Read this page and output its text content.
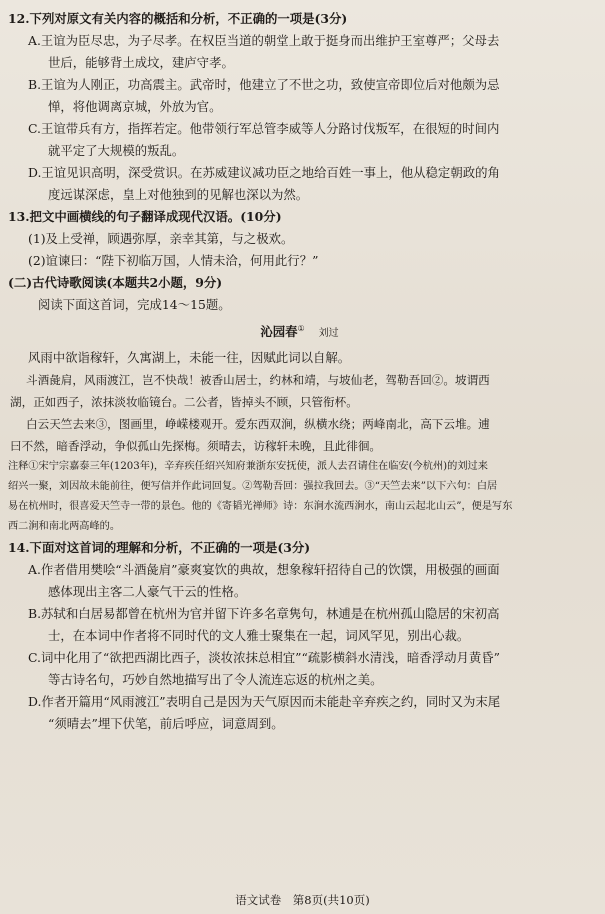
12.下列对原文有关内容的概括和分析，不正确的一项是(3分)
A.王谊为臣尽忠，为子尽孝。在权臣当道的朝堂上敢于挺身而出维护王室尊严；父母去
世后，能够背土成坟，建庐守孝。
B.王谊为人刚正，功高震主。武帝时，他建立了不世之功，致使宣帝即位后对他颇为忌
惮，将他调离京城，外放为官。
C.王谊带兵有方，指挥若定。他带领行军总管李威等人分路讨伐叛军，在很短的时间内
就平定了大规模的叛乱。
D.王谊见识高明，深受赏识。在苏威建议减功臣之地给百姓一事上，他从稳定朝政的角
度远谋深虑，皇上对他独到的见解也深以为然。
13.把文中画横线的句子翻译成现代汉语。(10分)
(1)及上受禅，顾遇弥厚，亲幸其第，与之极欢。
(2)谊谏曰：“陛下初临万国，人情未洽，何用此行？”
(二)古代诗歌阅读(本题共2小题，9分)
阅读下面这首词，完成14～15题。
沁园春① 刘过
风雨中欲诣稼轩，久寓湖上，未能一往，因赋此词以自解。
斗酒彘肩，风雨渡江，岂不快哉！被香山居士，约林和靖，与坡仙老，驾勒吾回②。坡谓西
湖，正如西子，浓抹淡妆临镜台。二公者，皆掉头不顾，只管衔杯。
白云天竺去来③，图画里，峥嵘楼观开。爱东西双涧，纵横水绕；两峰南北，高下云堆。逋
曰不然，暗香浮动，争似孤山先探梅。须晴去，访稼轩未晚，且此徘徊。
注释①宋宁宗嘉泰三年(1203年)，辛弃疾任绍兴知府兼浙东安抚使，派人去召请住在临安(今杭州)的刘过来
绍兴一聚，刘因故未能前往，便写信并作此词回复。②驾勒吾回：强拉我回去。③“天竺去来”以下六句：白居
易在杭州时，很喜爱天竺寺一带的景色。他的《寄韬光禅师》诗：东涧水流西涧水，南山云起北山云”，便是写东
西二涧和南北两高峰的。
14.下面对这首词的理解和分析，不正确的一项是(3分)
A.作者借用樊哙“斗酒彘肩”豪爽宴饮的典故，想象稼轩招待自己的饮馔，用极强的画面
感体现出主客二人豪气干云的性格。
B.苏轼和白居易都曾在杭州为官并留下许多名章隽句，林逋是在杭州孤山隐居的宋初高
士，在本词中作者将不同时代的文人雅士聚集在一起，词风罕见，别出心裁。
C.词中化用了“欲把西湖比西子，淡妆浓抹总相宜”“疏影横斜水清浅，暗香浮动月黄昏”
等古诗名句，巧妙自然地描写出了令人流连忘返的杭州之美。
D.作者开篇用“风雨渡江”表明自己是因为天气原因而未能赴辛弃疾之约，同时又为末尾
“须晴去”埋下伏笔，前后呼应，词意周到。
语文试卷　第8页(共10页)
